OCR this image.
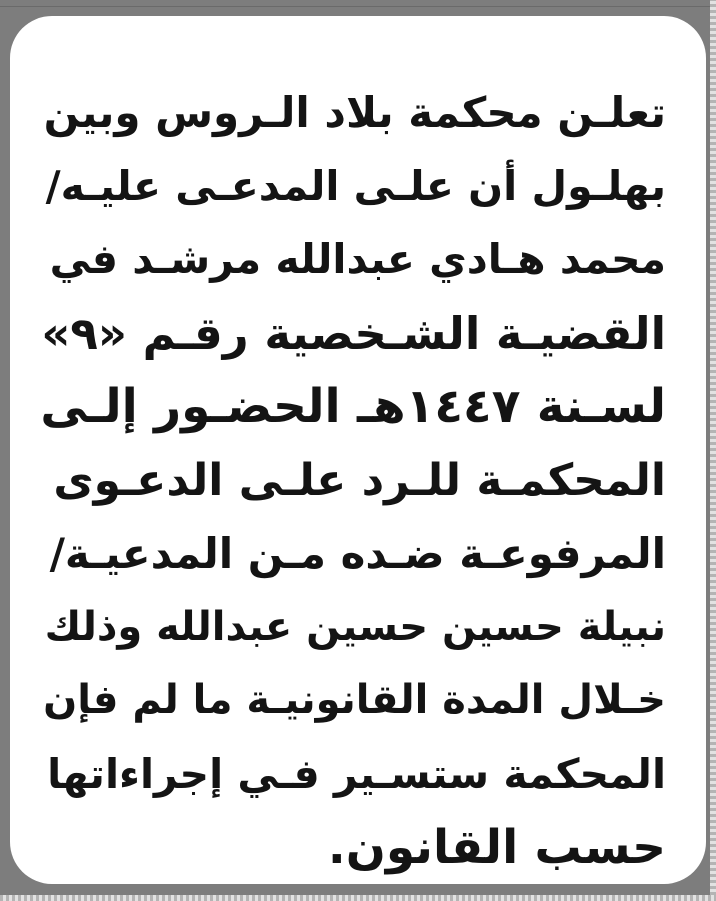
تعلـن محكمة بلاد الـروس وبين
بهلـول أن علـى المدعـى عليـه/
محمد هـادي عبدالله مرشـد في
القضيـة الشـخصية رقـم «٩»
لسـنة ١٤٤٧هـ الحضـور إلـى
المحكمـة للـرد علـى الدعـوى
المرفوعـة ضـده مـن المدعيـة/
نبيلة حسين حسين عبدالله وذلك
خـلال المدة القانونيـة ما لم فإن
المحكمة ستسـير فـي إجراءاتها
حسب القانون.
